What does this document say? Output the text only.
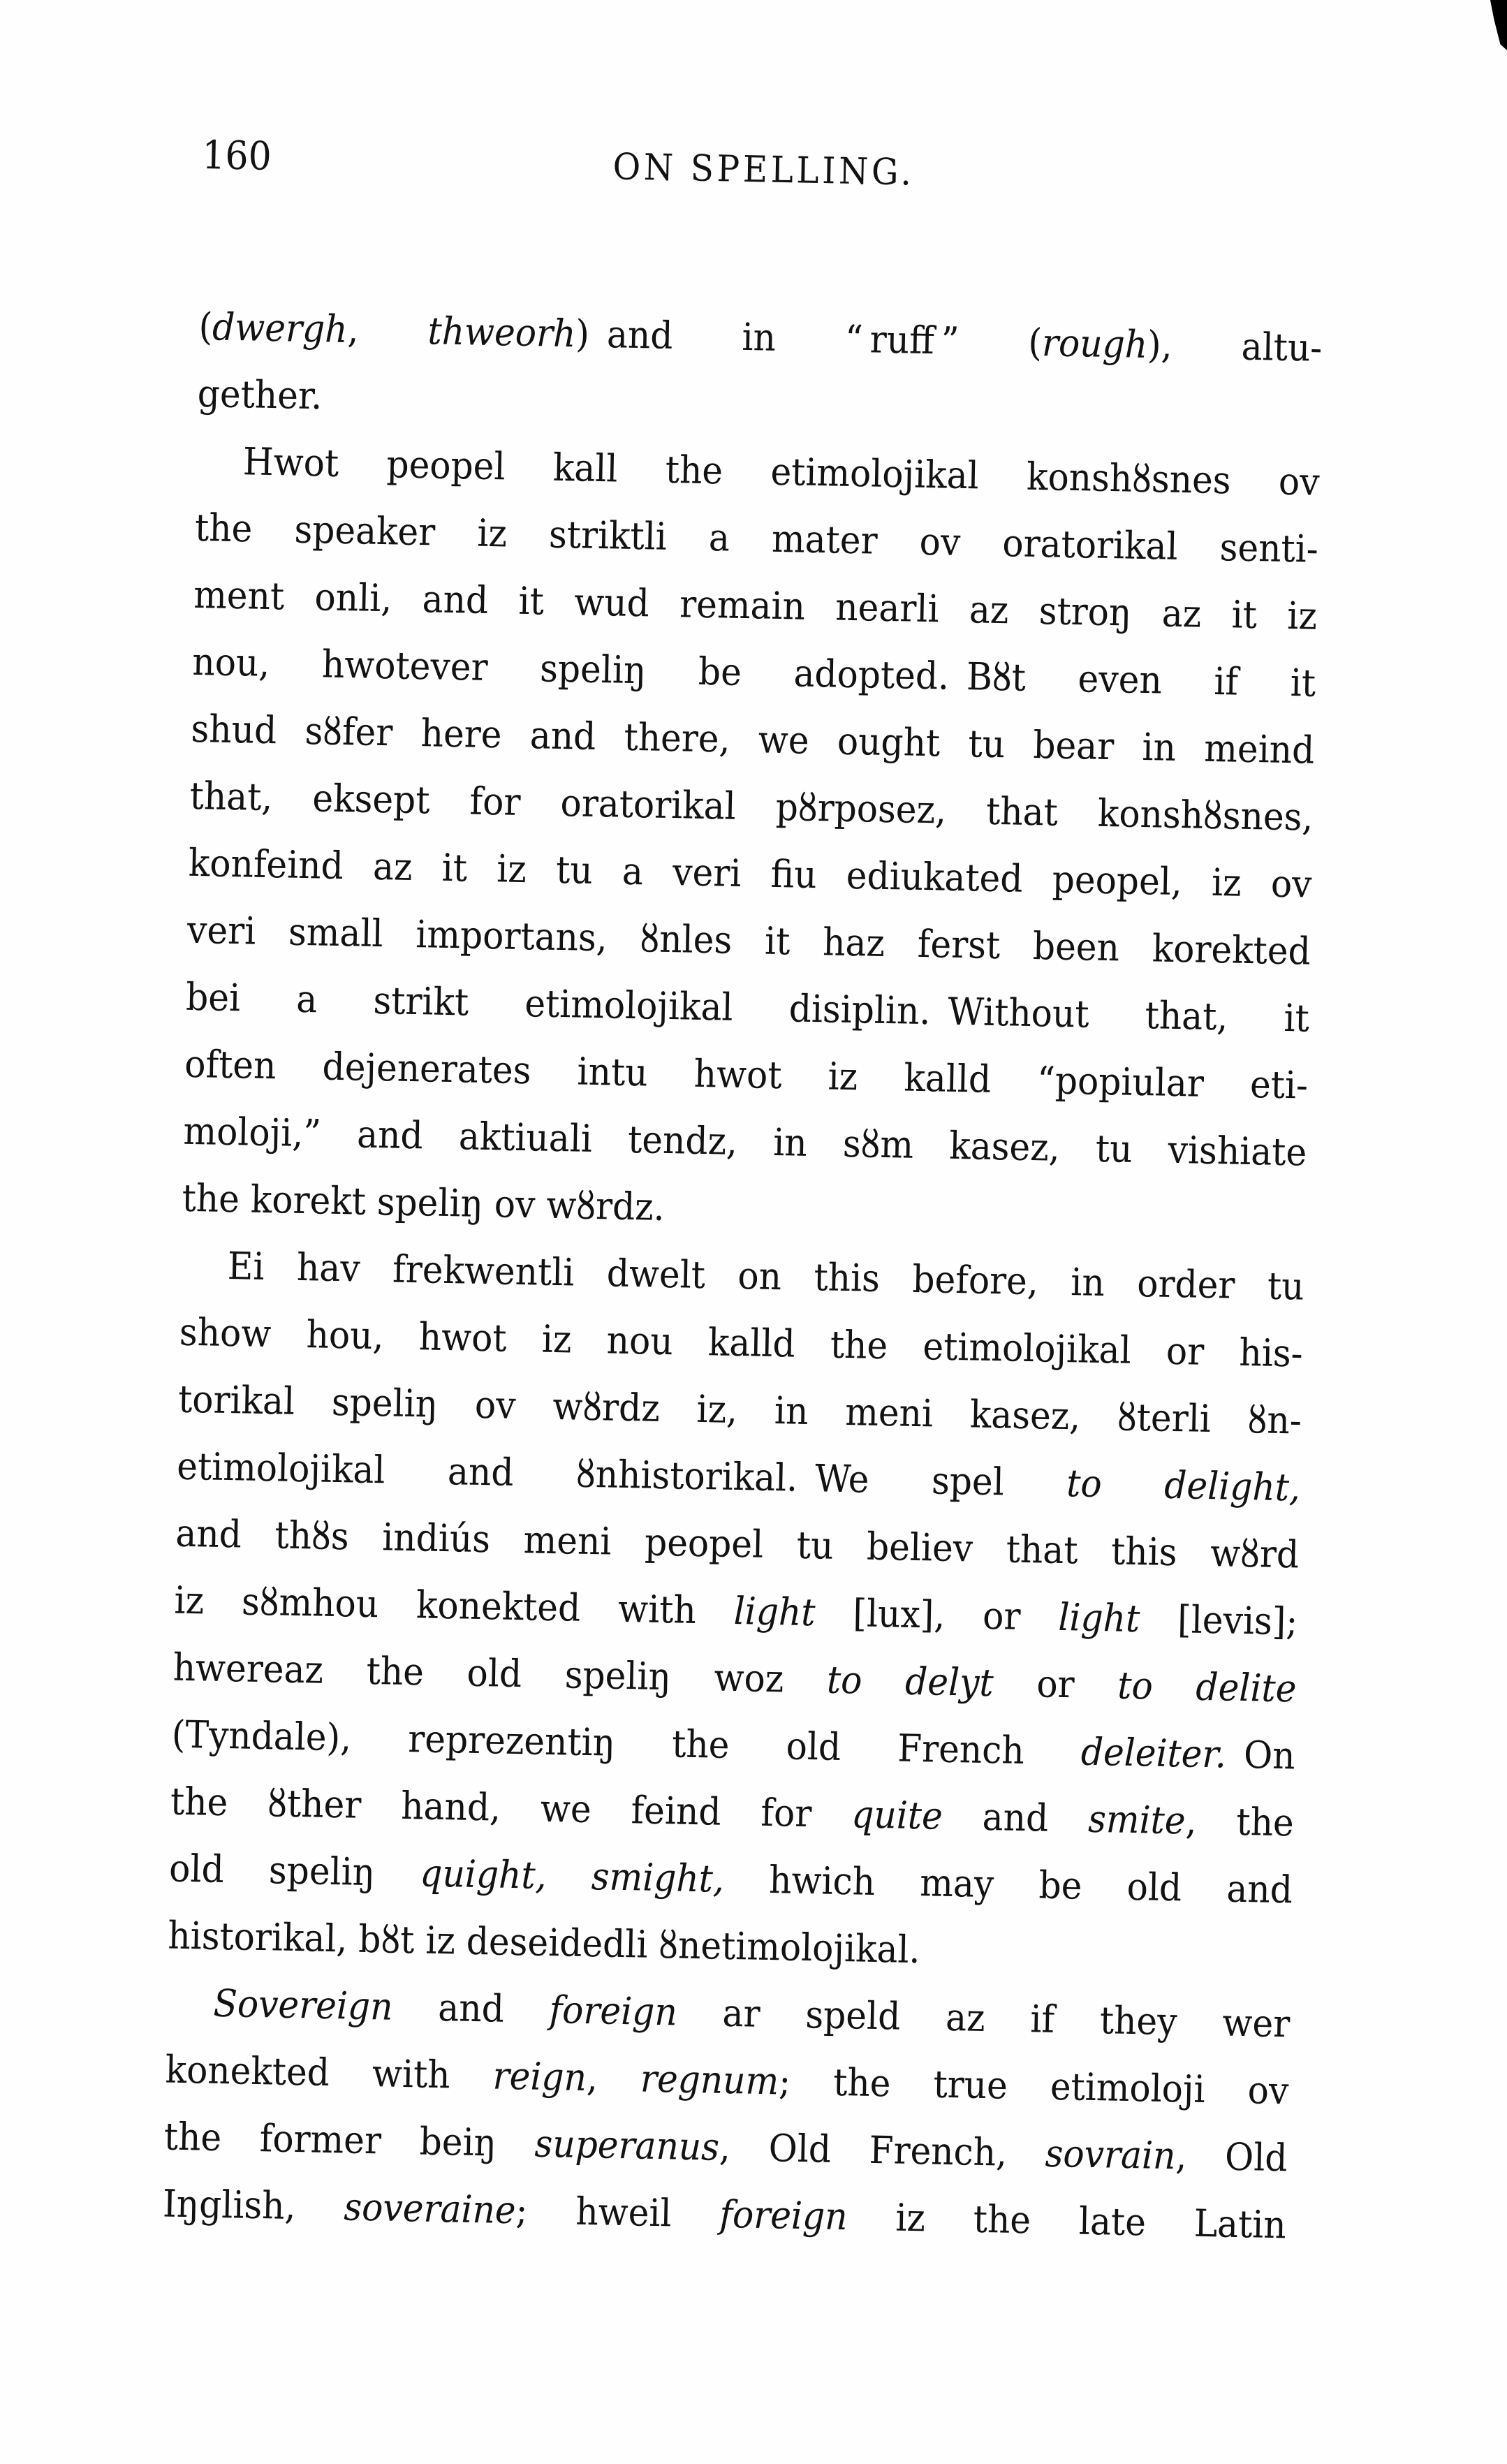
160	ON SPELLING.
(dwergh, thweorh) and in “ ruff ” (rough), altu-
gether.
Hwot peopel kall the etimolojikal konshȣsnes ov
the speaker iz striktli a mater ov oratorikal senti-
ment onli, and it wud remain nearli az stroŋ az it iz
nou, hwotever speliŋ be adopted. Bȣt even if it
shud sȣfer here and there, we ought tu bear in meind
that, eksept for oratorikal pȣrposez, that konshȣsnes,
konfeind az it iz tu a veri fiu ediukated peopel, iz ov
veri small importans, ȣnles it haz ferst been korekted
bei a strikt etimolojikal disiplin. Without that, it
often dejenerates intu hwot iz kalld “popiular eti-
moloji,” and aktiuali tendz, in sȣm kasez, tu vishiate
the korekt speliŋ ov wȣrdz.
Ei hav frekwentli dwelt on this before, in order tu
show hou, hwot iz nou kalld the etimolojikal or his-
torikal speliŋ ov wȣrdz iz, in meni kasez, ȣterli ȣn-
etimolojikal and ȣnhistorikal. We spel to delight,
and thȣs indiús meni peopel tu believ that this wȣrd
iz sȣmhou konekted with light [lux], or light [levis];
hwereaz the old speliŋ woz to delyt or to delite
(Tyndale), reprezentiŋ the old French deleiter. On
the ȣther hand, we feind for quite and smite, the
old speliŋ quight, smight, hwich may be old and
historikal, bȣt iz deseidedli ȣnetimolojikal.
Sovereign and foreign ar speld az if they wer
konekted with reign, regnum; the true etimoloji ov
the former beiŋ superanus, Old French, sovrain, Old
Iŋglish, soveraine; hweil foreign iz the late Latin
